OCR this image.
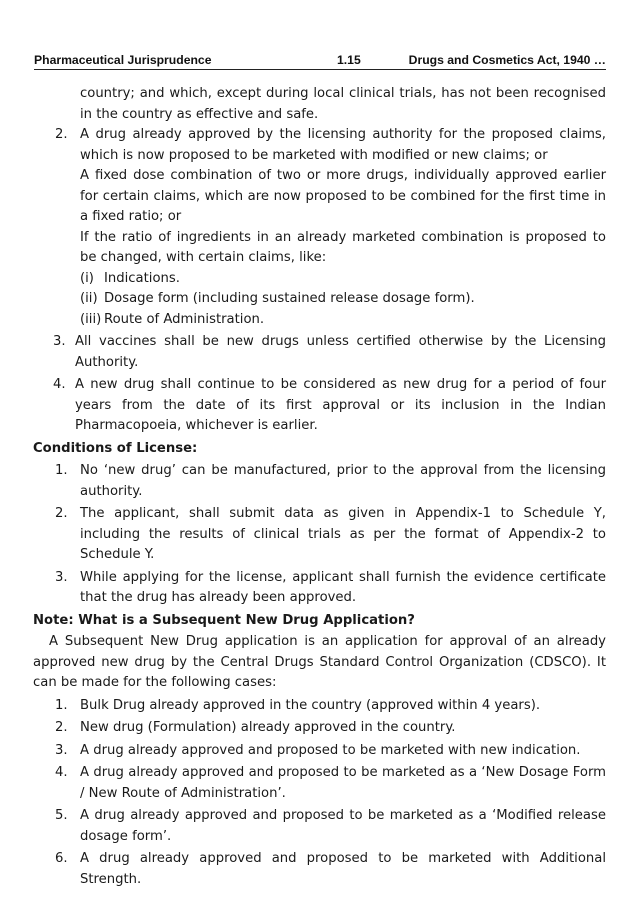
Pharmaceutical Jurisprudence	1.15	Drugs and Cosmetics Act, 1940 …

country; and which, except during local clinical trials, has not been recognised in the country as effective and safe.

2. A drug already approved by the licensing authority for the proposed claims, which is now proposed to be marketed with modified or new claims; or

A fixed dose combination of two or more drugs, individually approved earlier for certain claims, which are now proposed to be combined for the first time in a fixed ratio; or

If the ratio of ingredients in an already marketed combination is proposed to be changed, with certain claims, like:

(i) Indications.

(ii) Dosage form (including sustained release dosage form).

(iii) Route of Administration.

3. All vaccines shall be new drugs unless certified otherwise by the Licensing Authority.

4. A new drug shall continue to be considered as new drug for a period of four years from the date of its first approval or its inclusion in the Indian Pharmacopoeia, whichever is earlier.

Conditions of License:

1. No ‘new drug’ can be manufactured, prior to the approval from the licensing authority.

2. The applicant, shall submit data as given in Appendix-1 to Schedule Y, including the results of clinical trials as per the format of Appendix-2 to Schedule Y.

3. While applying for the license, applicant shall furnish the evidence certificate that the drug has already been approved.

Note: What is a Subsequent New Drug Application?

A Subsequent New Drug application is an application for approval of an already approved new drug by the Central Drugs Standard Control Organization (CDSCO). It can be made for the following cases:

1. Bulk Drug already approved in the country (approved within 4 years).

2. New drug (Formulation) already approved in the country.

3. A drug already approved and proposed to be marketed with new indication.

4. A drug already approved and proposed to be marketed as a ‘New Dosage Form / New Route of Administration’.

5. A drug already approved and proposed to be marketed as a ‘Modified release dosage form’.

6. A drug already approved and proposed to be marketed with Additional Strength.
